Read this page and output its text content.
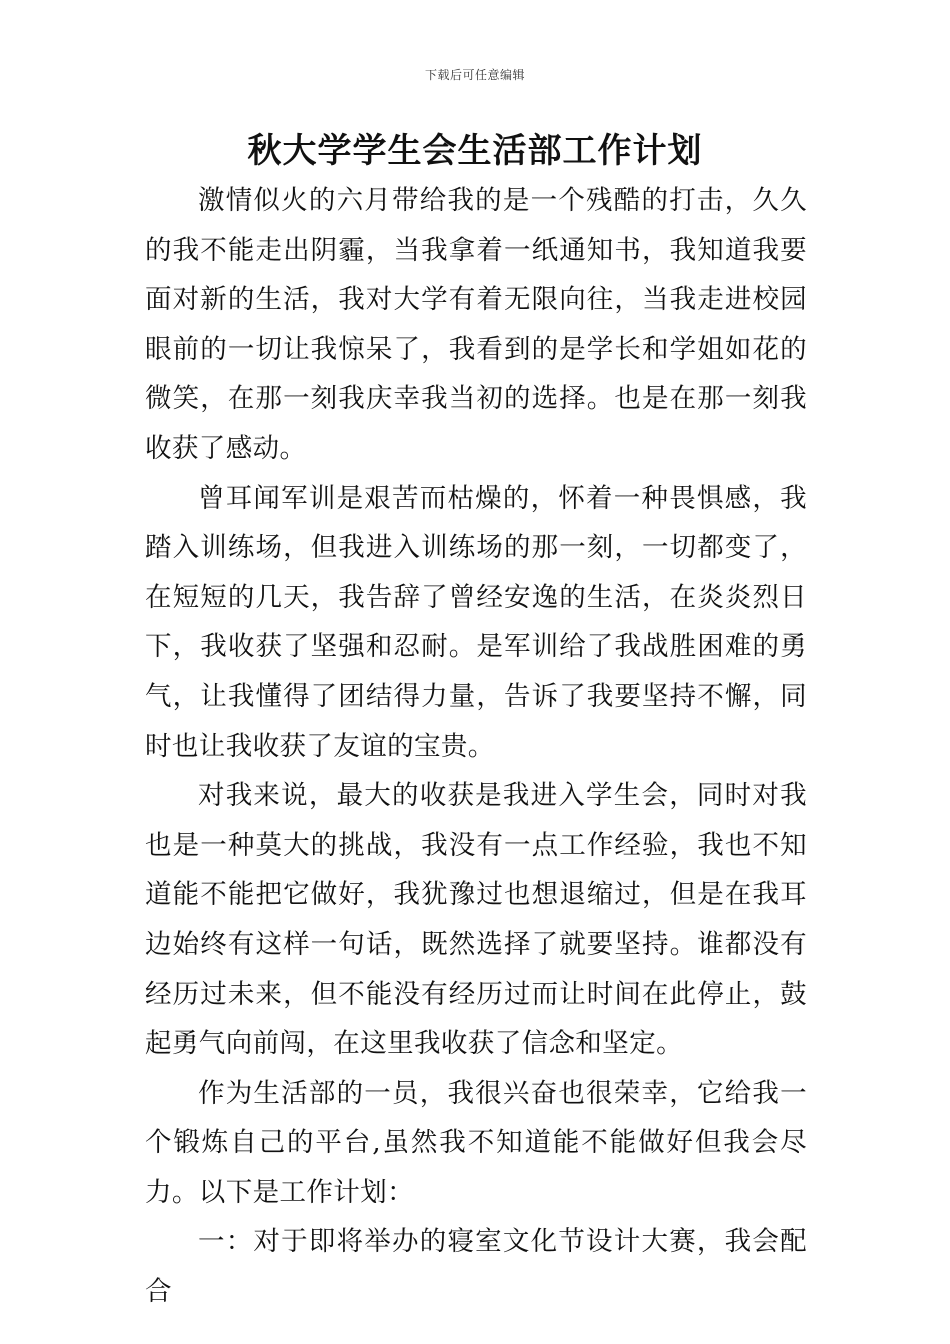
下载后可任意编辑
秋大学学生会生活部工作计划

激情似火的六月带给我的是一个残酷的打击，久久的我不能走出阴霾，当我拿着一纸通知书，我知道我要面对新的生活，我对大学有着无限向往，当我走进校园眼前的一切让我惊呆了，我看到的是学长和学姐如花的微笑，在那一刻我庆幸我当初的选择。也是在那一刻我收获了感动。

曾耳闻军训是艰苦而枯燥的，怀着一种畏惧感，我踏入训练场，但我进入训练场的那一刻，一切都变了，在短短的几天，我告辞了曾经安逸的生活，在炎炎烈日下，我收获了坚强和忍耐。是军训给了我战胜困难的勇气，让我懂得了团结得力量，告诉了我要坚持不懈，同时也让我收获了友谊的宝贵。

对我来说，最大的收获是我进入学生会，同时对我也是一种莫大的挑战，我没有一点工作经验，我也不知道能不能把它做好，我犹豫过也想退缩过，但是在我耳边始终有这样一句话，既然选择了就要坚持。谁都没有经历过未来，但不能没有经历过而让时间在此停止，鼓起勇气向前闯，在这里我收获了信念和坚定。

作为生活部的一员，我很兴奋也很荣幸，它给我一个锻炼自己的平台,虽然我不知道能不能做好但我会尽力。以下是工作计划：

一：对于即将举办的寝室文化节设计大赛，我会配合
